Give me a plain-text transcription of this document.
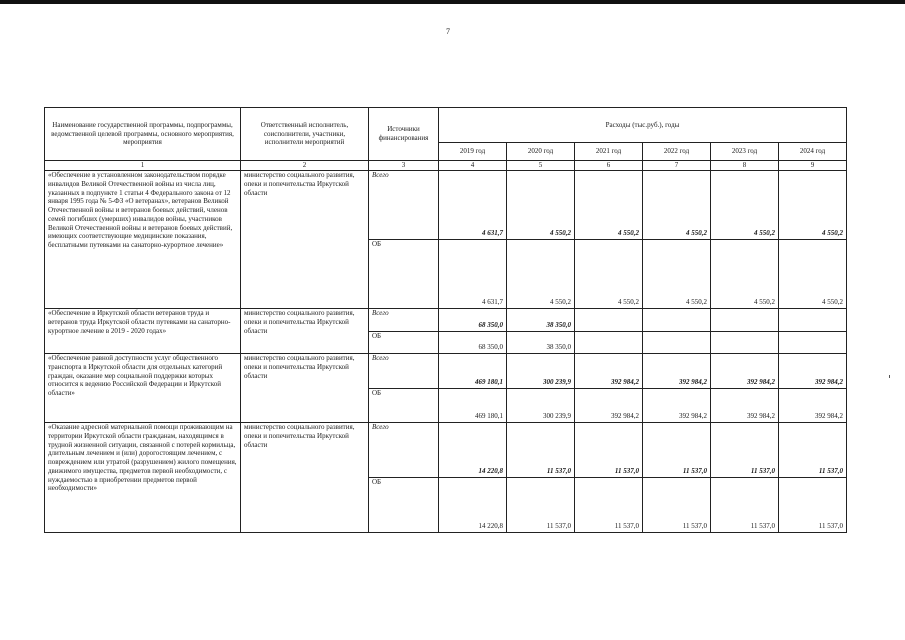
7
Наименование государственной программы, подпрограммы, ведомственной целевой программы, основного мероприятия, мероприятия	Ответственный исполнитель, соисполнители, участники, исполнители мероприятий	Источники финансирования	Расходы (тыс.руб.), годы					
			2019 год	2020 год	2021 год	2022 год	2023 год	2024 год
1	2	3	4	5	6	7	8	9
«Обеспечение в установленном законодательством порядке инвалидов Великой Отечественной войны из числа лиц, указанных в подпункте 1 статьи 4 Федерального закона от 12 января 1995 года № 5-ФЗ «О ветеранах», ветеранов Великой Отечественной войны и ветеранов боевых действий, членов семей погибших (умерших) инвалидов войны, участников Великой Отечественной войны и ветеранов боевых действий, имеющих соответствующие медицинские показания, бесплатными путевками на санаторно-курортное лечение»	министерство социального развития, опеки и попечительства Иркутской области	Всего	4 631,7	4 550,2	4 550,2	4 550,2	4 550,2	4 550,2
		ОБ	4 631,7	4 550,2	4 550,2	4 550,2	4 550,2	4 550,2
«Обеспечение в Иркутской области ветеранов труда и ветеранов труда Иркутской области путевками на санаторно-курортное лечение в 2019 - 2020 годах»	министерство социального развития, опеки и попечительства Иркутской области	Всего	68 350,0	38 350,0				
		ОБ	68 350,0	38 350,0				
«Обеспечение равной доступности услуг общественного транспорта в Иркутской области для отдельных категорий граждан, оказание мер социальной поддержки которых относится к ведению Российской Федерации и Иркутской области»	министерство социального развития, опеки и попечительства Иркутской области	Всего	469 180,1	300 239,9	392 984,2	392 984,2	392 984,2	392 984,2
		ОБ	469 180,1	300 239,9	392 984,2	392 984,2	392 984,2	392 984,2
«Оказание адресной материальной помощи проживающим на территории Иркутской области гражданам, находящимся в трудной жизненной ситуации, связанной с потерей кормильца, длительным лечением и (или) дорогостоящим лечением, с повреждением или утратой (разрушением) жилого помещения, движимого имущества, предметов первой необходимости, с нуждаемостью в приобретении предметов первой необходимости»	министерство социального развития, опеки и попечительства Иркутской области	Всего	14 220,8	11 537,0	11 537,0	11 537,0	11 537,0	11 537,0
		ОБ	14 220,8	11 537,0	11 537,0	11 537,0	11 537,0	11 537,0
